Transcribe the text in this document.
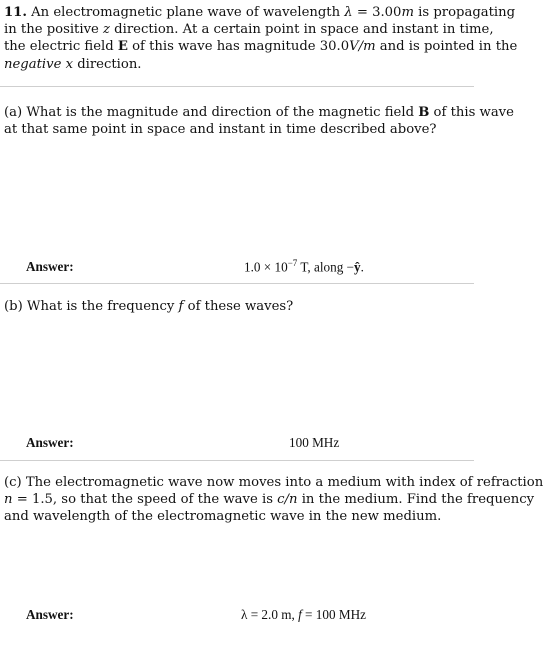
11. An electromagnetic plane wave of wavelength λ = 3.00m is propagating
in the positive z direction. At a certain point in space and instant in time,
the electric field E of this wave has magnitude 30.0V/m and is pointed in the
negative x direction.
(a) What is the magnitude and direction of the magnetic field B of this wave
at that same point in space and instant in time described above?
Answer:	$1.0 \times 10^{-7}$ T, along −ŷ.
(b) What is the frequency f of these waves?
Answer:	100 MHz
(c) The electromagnetic wave now moves into a medium with index of refraction
n = 1.5, so that the speed of the wave is c/n in the medium. Find the frequency
and wavelength of the electromagnetic wave in the new medium.
Answer:	λ = 2.0 m, f = 100 MHz
